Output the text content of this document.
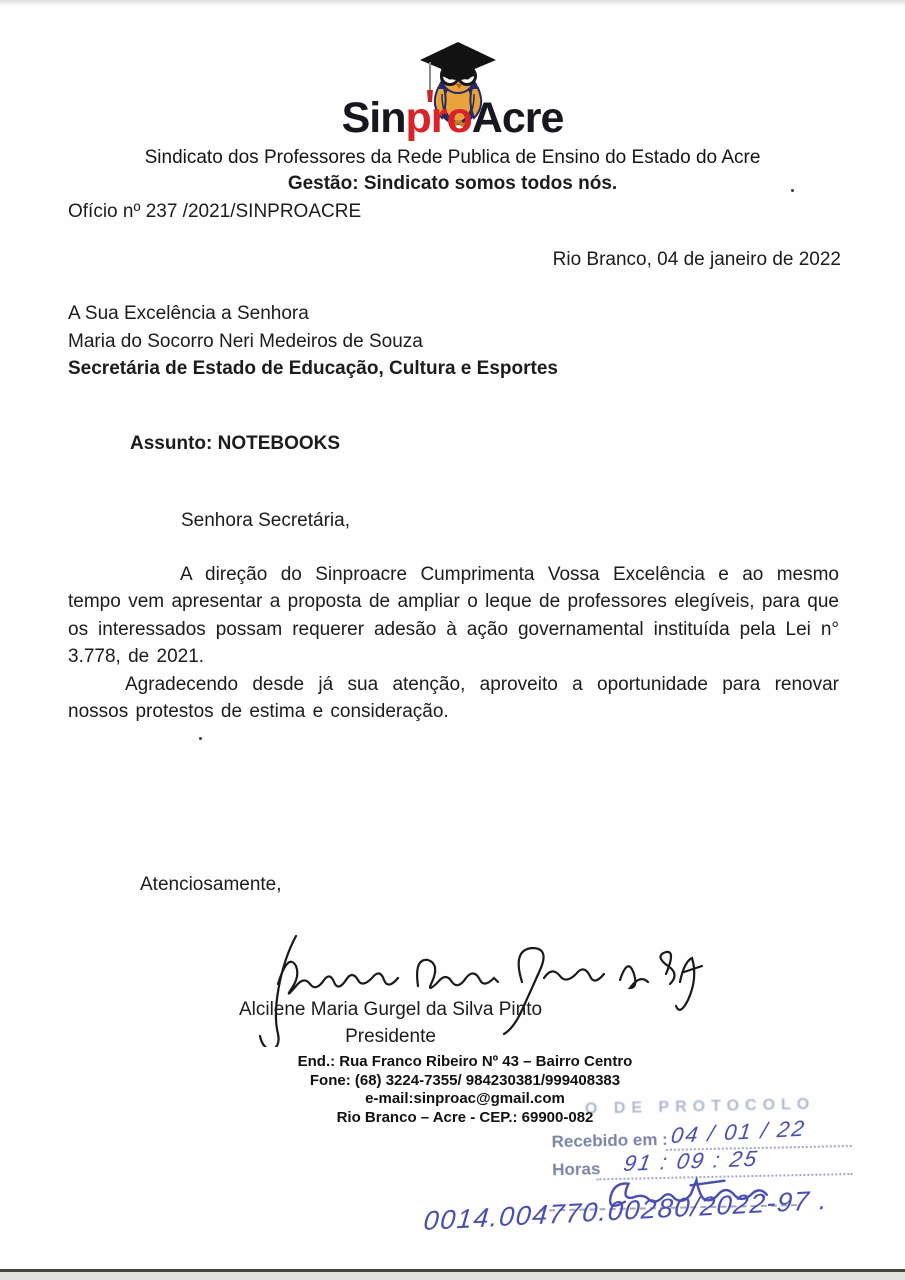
SinproAcre
Sindicato dos Professores da Rede Publica de Ensino do Estado do Acre
Gestão: Sindicato somos todos nós.
Ofício nº 237 /2021/SINPROACRE
Rio Branco, 04 de janeiro de 2022
A Sua Excelência a Senhora
Maria do Socorro Neri Medeiros de Souza
Secretária de Estado de Educação, Cultura e Esportes
Assunto: NOTEBOOKS
Senhora Secretária,

A direção do Sinproacre Cumprimenta Vossa Excelência e ao mesmo tempo vem apresentar a proposta de ampliar o leque de professores elegíveis, para que os interessados possam requerer adesão à ação governamental instituída pela Lei n° 3.778, de 2021.

Agradecendo desde já sua atenção, aproveito a oportunidade para renovar nossos protestos de estima e consideração.

Atenciosamente,
Alcilene Maria Gurgel da Silva Pinto
Presidente
End.: Rua Franco Ribeiro Nº 43 – Bairro Centro
Fone: (68) 3224-7355/ 984230381/999408383
e-mail:sinproac@gmail.com
Rio Branco – Acre - CEP.: 69900-082
O DE PROTOCOLO
Recebido em : 04 / 01 / 22
Horas 91 : 09 : 25
0014.004770.00280/2022-97 .
